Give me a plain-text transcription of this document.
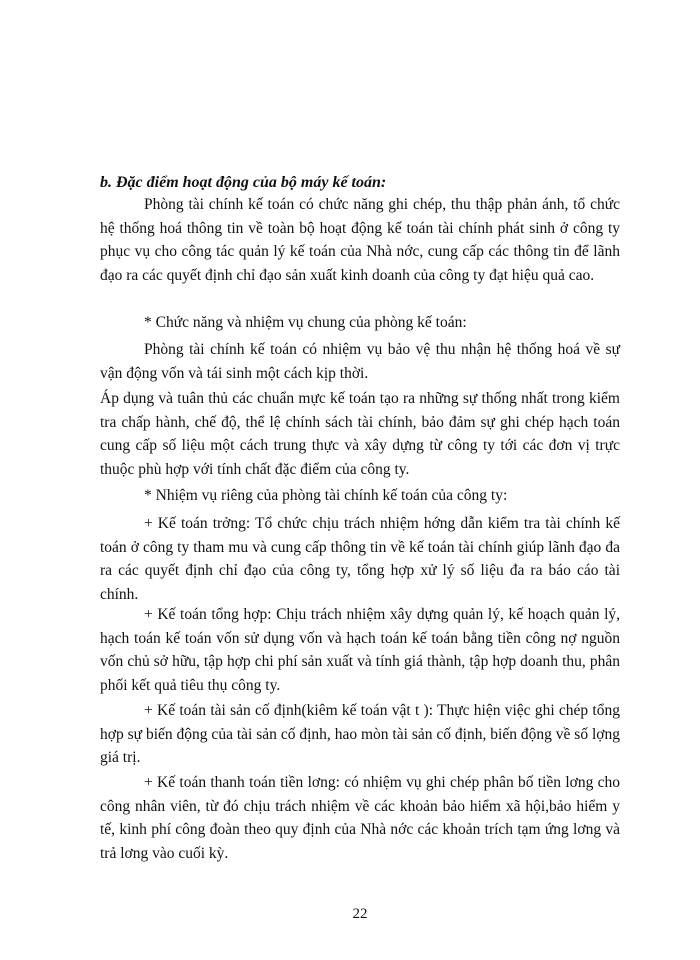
b. Đặc điểm hoạt động của bộ máy kế toán:

Phòng tài chính kế toán có chức năng ghi chép, thu thập phản ánh, tổ chức hệ thống hoá thông tin về toàn bộ hoạt động kế toán tài chính phát sinh ở công ty phục vụ cho công tác quản lý kế toán của Nhà nớc, cung cấp các thông tin để lãnh đạo ra các quyết định chỉ đạo sản xuất kinh doanh của công ty đạt hiệu quả cao.

* Chức năng và nhiệm vụ chung của phòng kế toán:

Phòng tài chính kế toán có nhiệm vụ bảo vệ thu nhận hệ thống hoá về sự vận động vốn và tái sinh một cách kịp thời.

Áp dụng và tuân thủ các chuẩn mực kế toán tạo ra những sự thống nhất trong kiểm tra chấp hành, chế độ, thể lệ chính sách tài chính, bảo đảm sự ghi chép hạch toán cung cấp số liệu một cách trung thực và xây dựng từ công ty tới các đơn vị trực thuộc phù hợp với tính chất đặc điểm của công ty.

* Nhiệm vụ riêng của phòng tài chính kế toán của công ty:

+ Kế toán trởng: Tổ chức chịu trách nhiệm hớng dẫn kiểm tra tài chính kế toán ở công ty tham mu và cung cấp thông tin về kế toán tài chính giúp lãnh đạo đa ra các quyết định chỉ đạo của công ty, tổng hợp xử lý số liệu đa ra báo cáo tài chính.

+ Kế toán tổng hợp: Chịu trách nhiệm xây dựng quản lý, kế hoạch quản lý, hạch toán kế toán vốn sử dụng vốn và hạch toán kế toán bằng tiền công nợ nguồn vốn chủ sở hữu, tập hợp chi phí sản xuất và tính giá thành, tập hợp doanh thu, phân phối kết quả tiêu thụ công ty.

+ Kế toán tài sản cố định(kiêm kế toán vật t ): Thực hiện việc ghi chép tổng hợp sự biến động của tài sản cố định, hao mòn tài sản cố định, biến động về số lợng giá trị.

+ Kế toán thanh toán tiền lơng: có nhiệm vụ ghi chép phân bố tiền lơng cho công nhân viên, từ đó chịu trách nhiệm về các khoản bảo hiểm xã hội,bảo hiểm y tế, kinh phí công đoàn theo quy định của Nhà nớc các khoản trích tạm ứng lơng và trả lơng vào cuối kỳ.

22
